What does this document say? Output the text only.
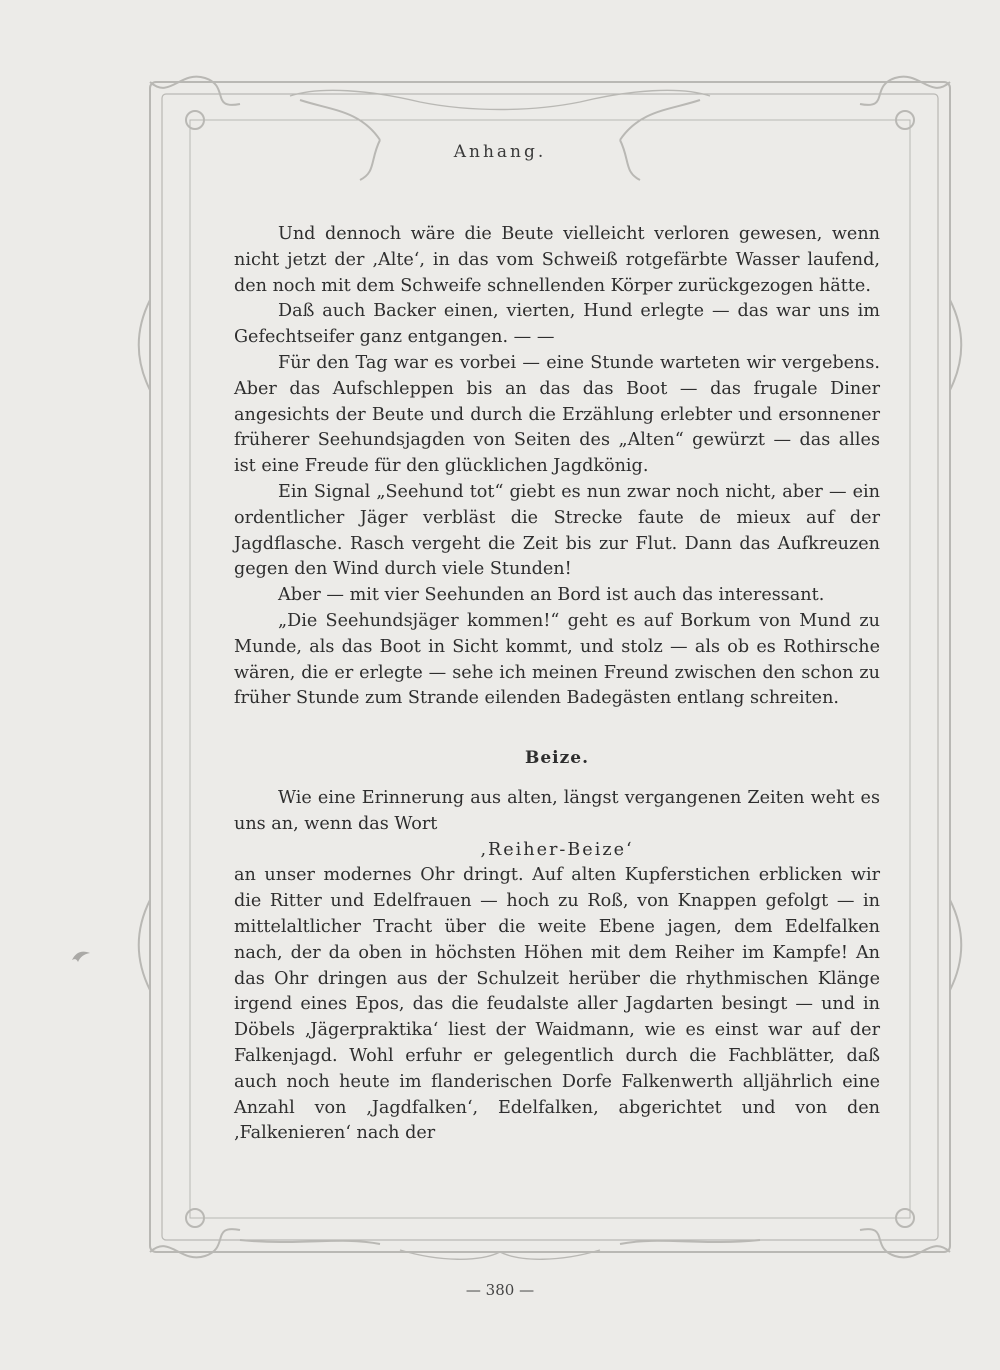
Anhang.

Und dennoch wäre die Beute vielleicht verloren gewesen, wenn nicht jetzt der ‚Alte‘, in das vom Schweiß rotgefärbte Wasser laufend, den noch mit dem Schweife schnellenden Körper zurückgezogen hätte.

Daß auch Backer einen, vierten, Hund erlegte — das war uns im Gefechtseifer ganz entgangen. — —

Für den Tag war es vorbei — eine Stunde warteten wir vergebens. Aber das Aufschleppen bis an das das Boot — das frugale Diner angesichts der Beute und durch die Erzählung erlebter und ersonnener früherer Seehundsjagden von Seiten des „Alten“ gewürzt — das alles ist eine Freude für den glücklichen Jagdkönig.

Ein Signal „Seehund tot“ giebt es nun zwar noch nicht, aber — ein ordentlicher Jäger verbläst die Strecke faute de mieux auf der Jagdflasche. Rasch vergeht die Zeit bis zur Flut. Dann das Aufkreuzen gegen den Wind durch viele Stunden!

Aber — mit vier Seehunden an Bord ist auch das interessant.

„Die Seehundsjäger kommen!“ geht es auf Borkum von Mund zu Munde, als das Boot in Sicht kommt, und stolz — als ob es Rothirsche wären, die er erlegte — sehe ich meinen Freund zwischen den schon zu früher Stunde zum Strande eilenden Badegästen entlang schreiten.

Beize.

Wie eine Erinnerung aus alten, längst vergangenen Zeiten weht es uns an, wenn das Wort

‚Reiher-Beize‘

an unser modernes Ohr dringt. Auf alten Kupferstichen erblicken wir die Ritter und Edelfrauen — hoch zu Roß, von Knappen gefolgt — in mittelaltlicher Tracht über die weite Ebene jagen, dem Edelfalken nach, der da oben in höchsten Höhen mit dem Reiher im Kampfe! An das Ohr dringen aus der Schulzeit herüber die rhythmischen Klänge irgend eines Epos, das die feudalste aller Jagdarten besingt — und in Döbels ‚Jägerpraktika‘ liest der Waidmann, wie es einst war auf der Falkenjagd. Wohl erfuhr er gelegentlich durch die Fachblätter, daß auch noch heute im flanderischen Dorfe Falkenwerth alljährlich eine Anzahl von ‚Jagdfalken‘, Edelfalken, abgerichtet und von den ‚Falkenieren‘ nach der

— 380 —
